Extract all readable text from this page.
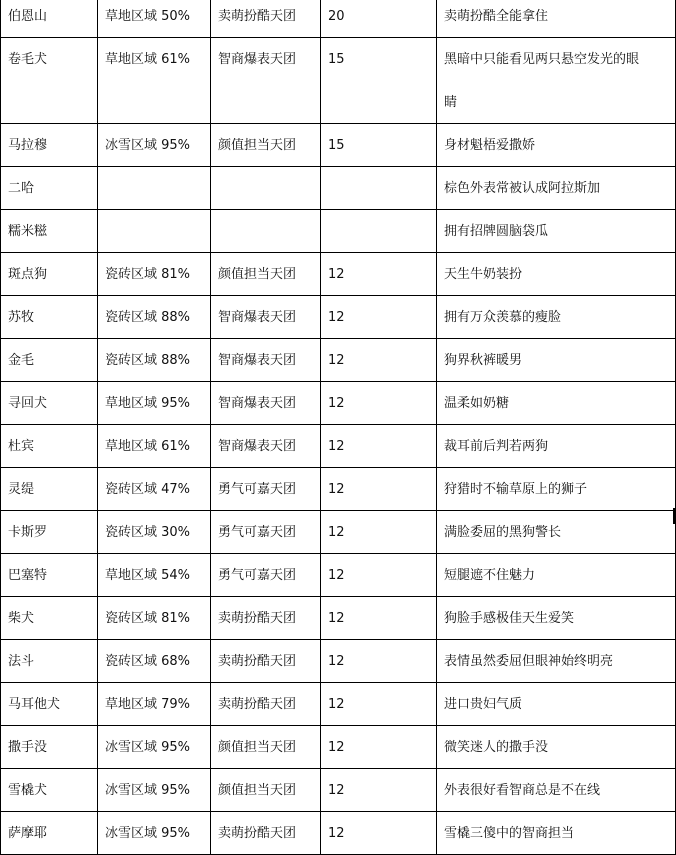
伯恩山	草地区域 50%	卖萌扮酷天团	20	卖萌扮酷全能拿住
卷毛犬	草地区域 61%	智商爆表天团	15	黑暗中只能看见两只悬空发光的眼
睛

马拉穆	冰雪区域 95%	颜值担当天团	15	身材魁梧爱撒娇
二哈				棕色外表常被认成阿拉斯加
糯米糍				拥有招牌圆脑袋瓜
斑点狗	瓷砖区域 81%	颜值担当天团	12	天生牛奶装扮
苏牧	瓷砖区域 88%	智商爆表天团	12	拥有万众羡慕的瘦脸
金毛	瓷砖区域 88%	智商爆表天团	12	狗界秋裤暖男
寻回犬	草地区域 95%	智商爆表天团	12	温柔如奶糖
杜宾	草地区域 61%	智商爆表天团	12	裁耳前后判若两狗
灵缇	瓷砖区域 47%	勇气可嘉天团	12	狩猎时不输草原上的狮子
卡斯罗	瓷砖区域 30%	勇气可嘉天团	12	满脸委屈的黑狗警长
巴塞特	草地区域 54%	勇气可嘉天团	12	短腿遮不住魅力
柴犬	瓷砖区域 81%	卖萌扮酷天团	12	狗脸手感极佳天生爱笑
法斗	瓷砖区域 68%	卖萌扮酷天团	12	表情虽然委屈但眼神始终明亮
马耳他犬	草地区域 79%	卖萌扮酷天团	12	进口贵妇气质
撒手没	冰雪区域 95%	颜值担当天团	12	微笑迷人的撒手没
雪橇犬	冰雪区域 95%	颜值担当天团	12	外表很好看智商总是不在线
萨摩耶	冰雪区域 95%	卖萌扮酷天团	12	雪橇三傻中的智商担当
